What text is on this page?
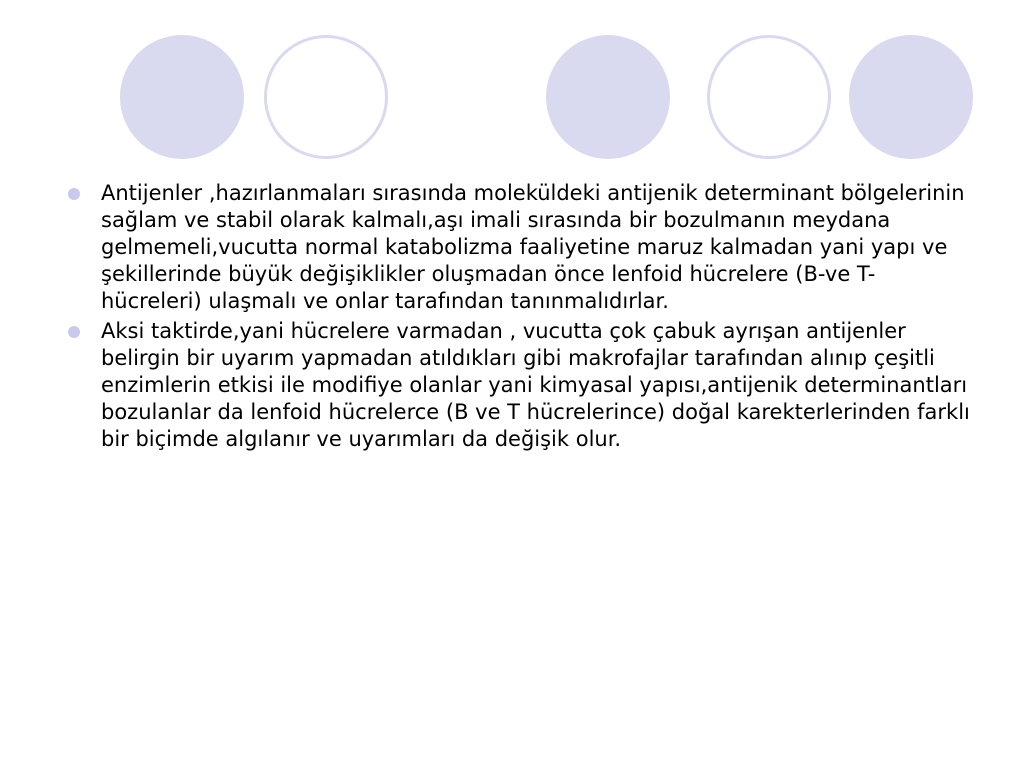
Antijenler ,hazırlanmaları sırasında moleküldeki antijenik determinant bölgelerinin sağlam ve stabil olarak kalmalı,aşı imali sırasında bir bozulmanın meydana gelmemeli,vucutta normal katabolizma faaliyetine maruz kalmadan yani yapı ve şekillerinde büyük değişiklikler oluşmadan önce lenfoid hücrelere (B-ve T-hücreleri) ulaşmalı ve onlar tarafından tanınmalıdırlar.
Aksi taktirde,yani hücrelere varmadan , vucutta çok çabuk ayrışan antijenler belirgin bir uyarım yapmadan atıldıkları gibi makrofajlar tarafından alınıp çeşitli enzimlerin etkisi ile modifiye olanlar yani kimyasal yapısı,antijenik determinantları bozulanlar da lenfoid hücrelerce (B ve T hücrelerince) doğal karekterlerinden farklı bir biçimde algılanır ve uyarımları da değişik olur.
